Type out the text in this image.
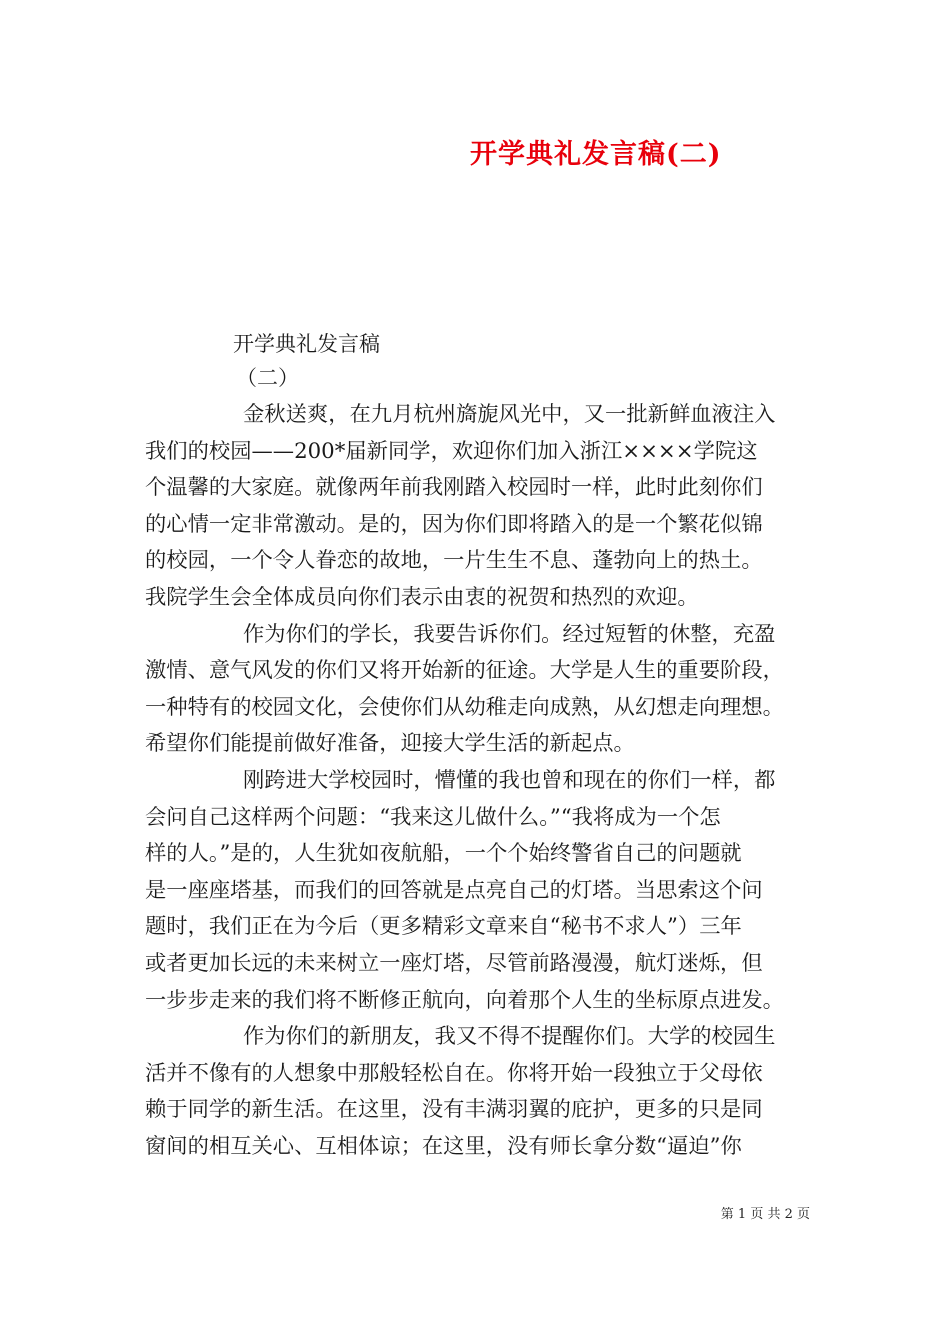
开学典礼发言稿(二)
开学典礼发言稿
（二）
金秋送爽，在九月杭州旖旎风光中，又一批新鲜血液注入
我们的校园——200*届新同学，欢迎你们加入浙江××××学院这
个温馨的大家庭。就像两年前我刚踏入校园时一样，此时此刻你们
的心情一定非常激动。是的，因为你们即将踏入的是一个繁花似锦
的校园，一个令人眷恋的故地，一片生生不息、蓬勃向上的热土。
我院学生会全体成员向你们表示由衷的祝贺和热烈的欢迎。
作为你们的学长，我要告诉你们。经过短暂的休整，充盈
激情、意气风发的你们又将开始新的征途。大学是人生的重要阶段，
一种特有的校园文化，会使你们从幼稚走向成熟，从幻想走向理想。
希望你们能提前做好准备，迎接大学生活的新起点。
刚跨进大学校园时，懵懂的我也曾和现在的你们一样，都
会问自己这样两个问题：“我来这儿做什么。”“我将成为一个怎
样的人。”是的，人生犹如夜航船，一个个始终警省自己的问题就
是一座座塔基，而我们的回答就是点亮自己的灯塔。当思索这个问
题时，我们正在为今后（更多精彩文章来自“秘书不求人”）三年
或者更加长远的未来树立一座灯塔，尽管前路漫漫，航灯迷烁，但
一步步走来的我们将不断修正航向，向着那个人生的坐标原点进发。
作为你们的新朋友，我又不得不提醒你们。大学的校园生
活并不像有的人想象中那般轻松自在。你将开始一段独立于父母依
赖于同学的新生活。在这里，没有丰满羽翼的庇护，更多的只是同
窗间的相互关心、互相体谅；在这里，没有师长拿分数“逼迫”你
第 1 页 共 2 页
